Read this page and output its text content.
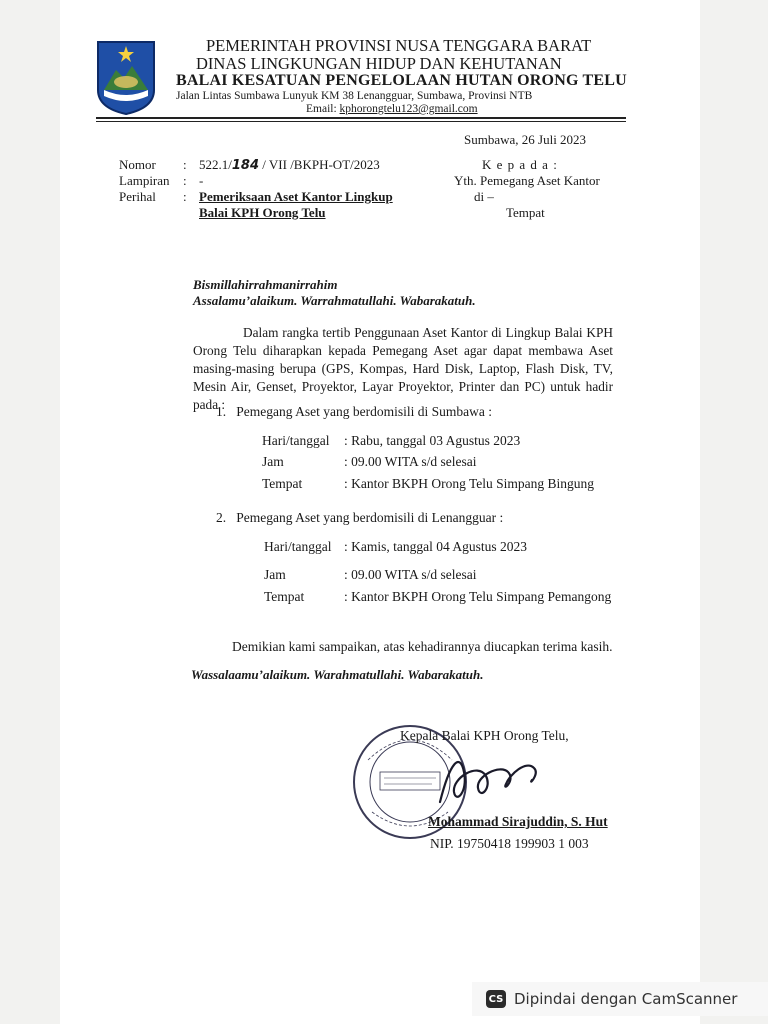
PEMERINTAH PROVINSI NUSA TENGGARA BARAT
DINAS LINGKUNGAN HIDUP DAN KEHUTANAN
BALAI KESATUAN PENGELOLAAN HUTAN ORONG TELU
Jalan Lintas Sumbawa Lunyuk KM 38 Lenangguar, Sumbawa, Provinsi NTB
Email: kphorongtelu123@gmail.com
Sumbawa, 26 Juli 2023
Nomor : 522.1/184 / VII /BKPH-OT/2023
Lampiran : -
Perihal : Pemeriksaan Aset Kantor Lingkup
Balai KPH Orong Telu
K e p a d a :
Yth. Pemegang Aset Kantor
di –
Tempat
Bismillahirrahmanirrahim
Assalamu’alaikum. Warrahmatullahi. Wabarakatuh.

Dalam rangka tertib Penggunaan Aset Kantor di Lingkup Balai KPH Orong Telu diharapkan kepada Pemegang Aset agar dapat membawa Aset masing-masing berupa (GPS, Kompas, Hard Disk, Laptop, Flash Disk, TV, Mesin Air, Genset, Proyektor, Layar Proyektor, Printer dan PC) untuk hadir pada :

1.   Pemegang Aset yang berdomisili di Sumbawa :
Hari/tanggal : Rabu, tanggal 03 Agustus 2023
Jam	: 09.00 WITA s/d selesai
Tempat	: Kantor BKPH Orong Telu Simpang Bingung
2.   Pemegang Aset yang berdomisili di Lenangguar :
Hari/tanggal : Kamis, tanggal 04 Agustus 2023
Jam	: 09.00 WITA s/d selesai
Tempat	: Kantor BKPH Orong Telu Simpang Pemangong
Demikian kami sampaikan, atas kehadirannya diucapkan terima kasih.
Wassalaamu’alaikum. Warahmatullahi. Wabarakatuh.
Kepala Balai KPH Orong Telu,
Mohammad Sirajuddin, S. Hut
NIP. 19750418 199903 1 003
CS Dipindai dengan CamScanner
